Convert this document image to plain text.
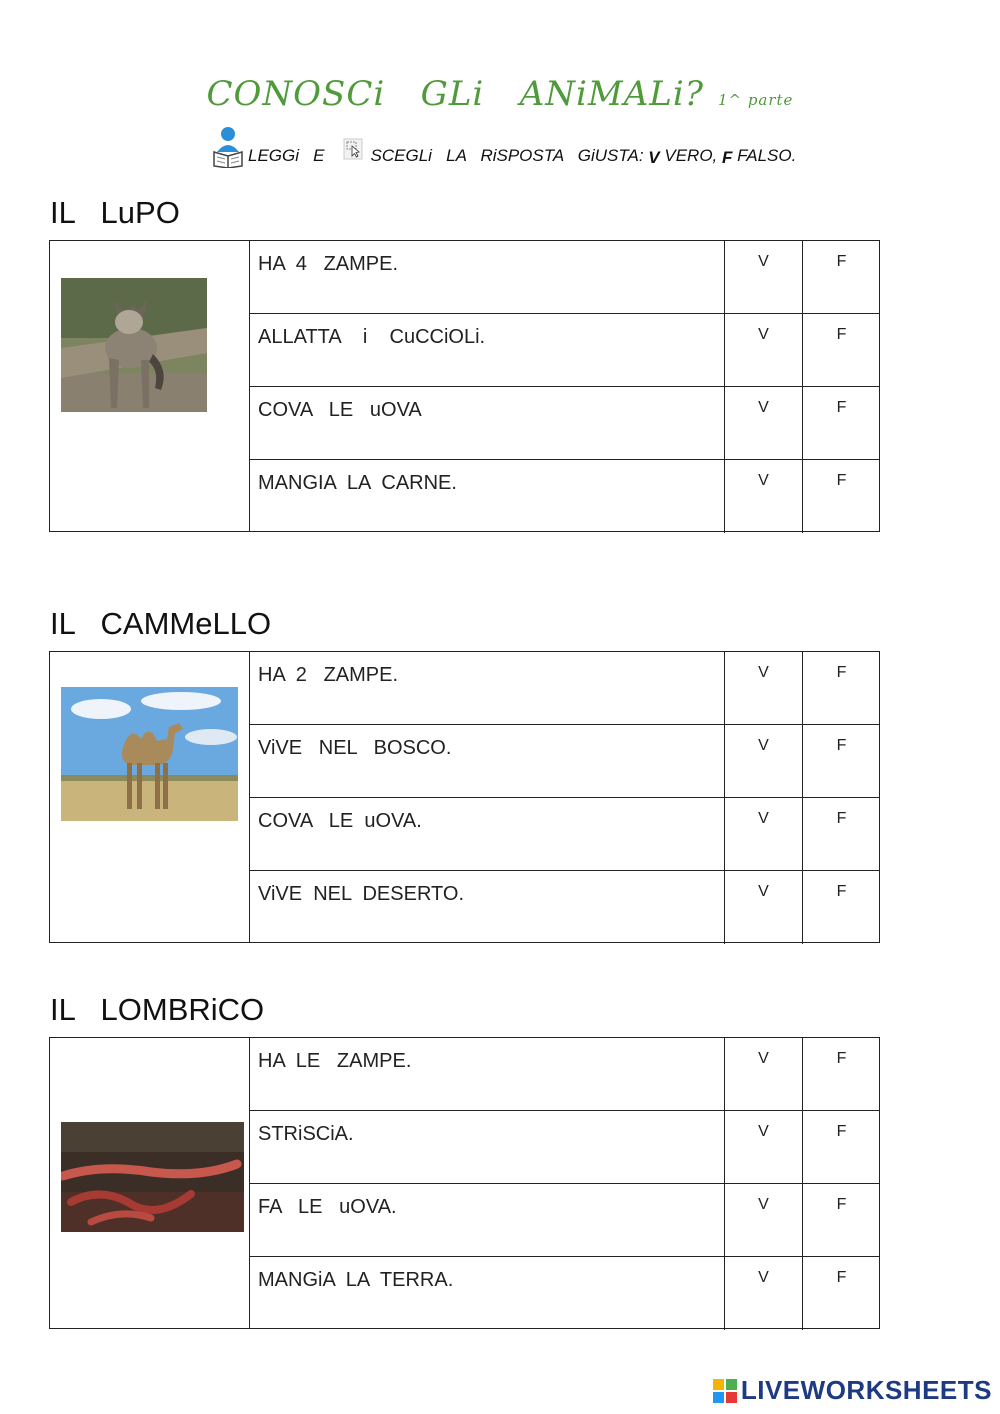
CONOSCi   GLi   ANiMALi? 1^ parte
LEGGi   E	SCEGLi   LA   RiSPOSTA   GiUSTA:
V
VERO,
F
FALSO.
IL   LuPO
HA  4   ZAMPE.	V	F
ALLATTA    i    CuCCiOLi.	V	F
COVA   LE   uOVA	V	F
MANGIA  LA  CARNE.	V	F
IL   CAMMeLLO
HA  2   ZAMPE.	V	F
ViVE   NEL   BOSCO.	V	F
COVA   LE  uOVA.	V	F
ViVE  NEL  DESERTO.	V	F
IL   LOMBRiCO
HA  LE   ZAMPE.	V	F
STRiSCiA.	V	F
FA   LE   uOVA.	V	F
MANGiA  LA  TERRA.	V	F
LIVEWORKSHEETS
